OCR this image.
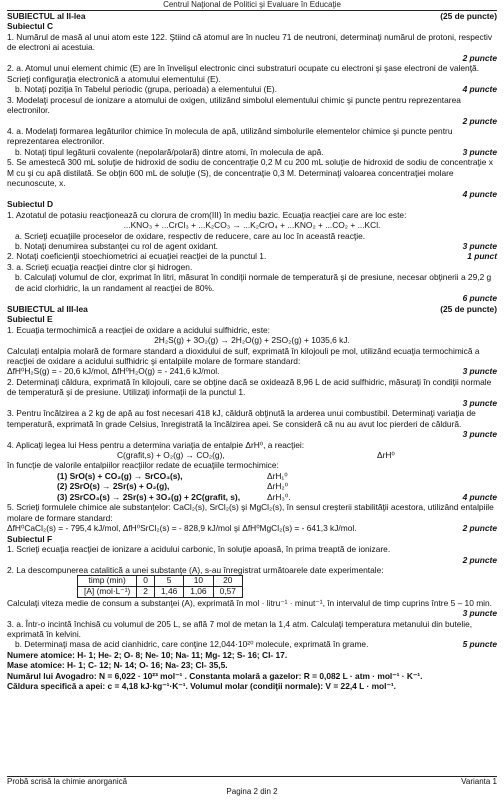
Centrul Naţional de Politici şi Evaluare în Educaţie
SUBIECTUL al II-lea	(25 de puncte)
Subiectul C
1. Numărul de masă al unui atom este 122. Ştiind că atomul are în nucleu 71 de neutroni, determinaţi numărul de protoni, respectiv de electroni ai acestuia.
2 puncte
2. a. Atomul unui element chimic (E) are în învelişul electronic cinci substraturi ocupate cu electroni şi şase electroni de valenţă. Scrieţi configuraţia electronică a atomului elementului (E).
b. Notaţi poziţia în Tabelul periodic (grupa, perioada) a elementului (E).	4 puncte
3. Modelaţi procesul de ionizare a atomului de oxigen, utilizând simbolul elementului chimic şi puncte pentru reprezentarea electronilor.
2 puncte
4. a. Modelaţi formarea legăturilor chimice în molecula de apă, utilizând simbolurile elementelor chimice şi puncte pentru reprezentarea electronilor.
b. Notaţi tipul legăturii covalente (nepolară/polară) dintre atomi, în molecula de apă.	3 puncte
5. Se amestecă 300 mL soluţie de hidroxid de sodiu de concentraţie 0,2 M cu 200 mL soluţie de hidroxid de sodiu de concentraţie x M cu şi cu apă distilată. Se obţin 600 mL de soluţie (S), de concentraţie 0,3 M. Determinaţi valoarea concentraţiei molare necunoscute, x.
4 puncte
Subiectul D
1. Azotatul de potasiu reacţionează cu clorura de crom(III) în mediu bazic. Ecuaţia reacţiei care are loc este:
...KNO₃ + ...CrCl₃ + ...K₂CO₃ → ...K₂CrO₄ + ...KNO₂ + ...CO₂ + ...KCl.
a. Scrieţi ecuaţiile proceselor de oxidare, respectiv de reducere, care au loc în această reacţie.
b. Notaţi denumirea substanţei cu rol de agent oxidant.	3 puncte
2. Notaţi coeficienţii stoechiometrici ai ecuaţiei reacţiei de la punctul 1.	1 punct
3. a. Scrieţi ecuaţia reacţiei dintre clor şi hidrogen.
b. Calculaţi volumul de clor, exprimat în litri, măsurat în condiţii normale de temperatură şi de presiune, necesar obţinerii a 29,2 g de acid clorhidric, la un randament al reacţiei de 80%.
6 puncte
SUBIECTUL al III-lea	(25 de puncte)
Subiectul E
1. Ecuaţia termochimică a reacţiei de oxidare a acidului sulfhidric, este:
2H₂S(g) + 3O₂(g) → 2H₂O(g) + 2SO₂(g) + 1035,6 kJ.
Calculaţi entalpia molară de formare standard a dioxidului de sulf, exprimată în kilojouli pe mol, utilizând ecuaţia termochimică a reacţiei de oxidare a acidului sulfhidric şi entalpiile molare de formare standard:
ΔfH⁰H₂S(g) = - 20,6 kJ/mol, ΔfH⁰H₂O(g) = - 241,6 kJ/mol.	3 puncte
2. Determinaţi căldura, exprimată în kilojouli, care se obţine dacă se oxidează 8,96 L de acid sulfhidric, măsuraţi în condiţii normale de temperatură şi de presiune. Utilizaţi informaţii de la punctul 1.
3 puncte
3. Pentru încălzirea a 2 kg de apă au fost necesari 418 kJ, căldură obţinută la arderea unui combustibil. Determinaţi variaţia de temperatură, exprimată în grade Celsius, înregistrată la încălzirea apei. Se consideră că nu au avut loc pierderi de căldură.
3 puncte
4. Aplicaţi legea lui Hess pentru a determina variaţia de entalpie ΔrH⁰, a reacţiei:
C(grafit,s) + O₂(g) → CO₂(g),	ΔrH⁰
în funcţie de valorile entalpiilor reacţiilor redate de ecuaţiile termochimice:
(1) SrO(s) + CO₂(g) → SrCO₃(s),	ΔrH₁⁰
(2) 2SrO(s) → 2Sr(s) + O₂(g),	ΔrH₂⁰
(3) 2SrCO₃(s) → 2Sr(s) + 3O₂(g) + 2C(grafit, s),	ΔrH₃⁰.	4 puncte
5. Scrieţi formulele chimice ale substanţelor: CaCl₂(s), SrCl₂(s) şi MgCl₂(s), în sensul creşterii stabilităţii acestora, utilizând entalpiile molare de formare standard:
ΔfH⁰CaCl₂(s) = - 795,4 kJ/mol, ΔfH⁰SrCl₂(s) = - 828,9 kJ/mol şi ΔfH⁰MgCl₂(s) = - 641,3 kJ/mol.	2 puncte
Subiectul F
1. Scrieţi ecuaţia reacţiei de ionizare a acidului carbonic, în soluţie apoasă, în prima treaptă de ionizare.
2 puncte
2. La descompunerea catalitică a unei substanţe (A), s-au înregistrat următoarele date experimentale:
timp (min)	0	5	10	20
[A] (mol·L⁻¹)	2	1,46	1,06	0,57
Calculaţi viteza medie de consum a substanţei (A), exprimată în mol · litru⁻¹ · minut⁻¹, în intervalul de timp cuprins între 5 – 10 min.
3 puncte
3. a. Într-o incintă închisă cu volumul de 205 L, se află 7 mol de metan la 1,4 atm. Calculaţi temperatura metanului din butelie, exprimată în kelvini.
b. Determinaţi masa de acid cianhidric, care conţine 12,044·10²⁰ molecule, exprimată în grame.	5 puncte
Numere atomice: H- 1; He- 2; O- 8; Ne- 10; Na- 11; Mg- 12; S- 16; Cl- 17.
Mase atomice: H- 1; C- 12; N- 14; O- 16; Na- 23; Cl- 35,5.
Numărul lui Avogadro: N = 6,022 · 10²³ mol⁻¹ . Constanta molară a gazelor: R = 0,082 L · atm · mol⁻¹ · K⁻¹.
Căldura specifică a apei: c = 4,18 kJ·kg⁻¹·K⁻¹. Volumul molar (condiţii normale): V = 22,4 L · mol⁻¹.
Probă scrisă la chimie anorganică	Varianta 1
Pagina 2 din 2
